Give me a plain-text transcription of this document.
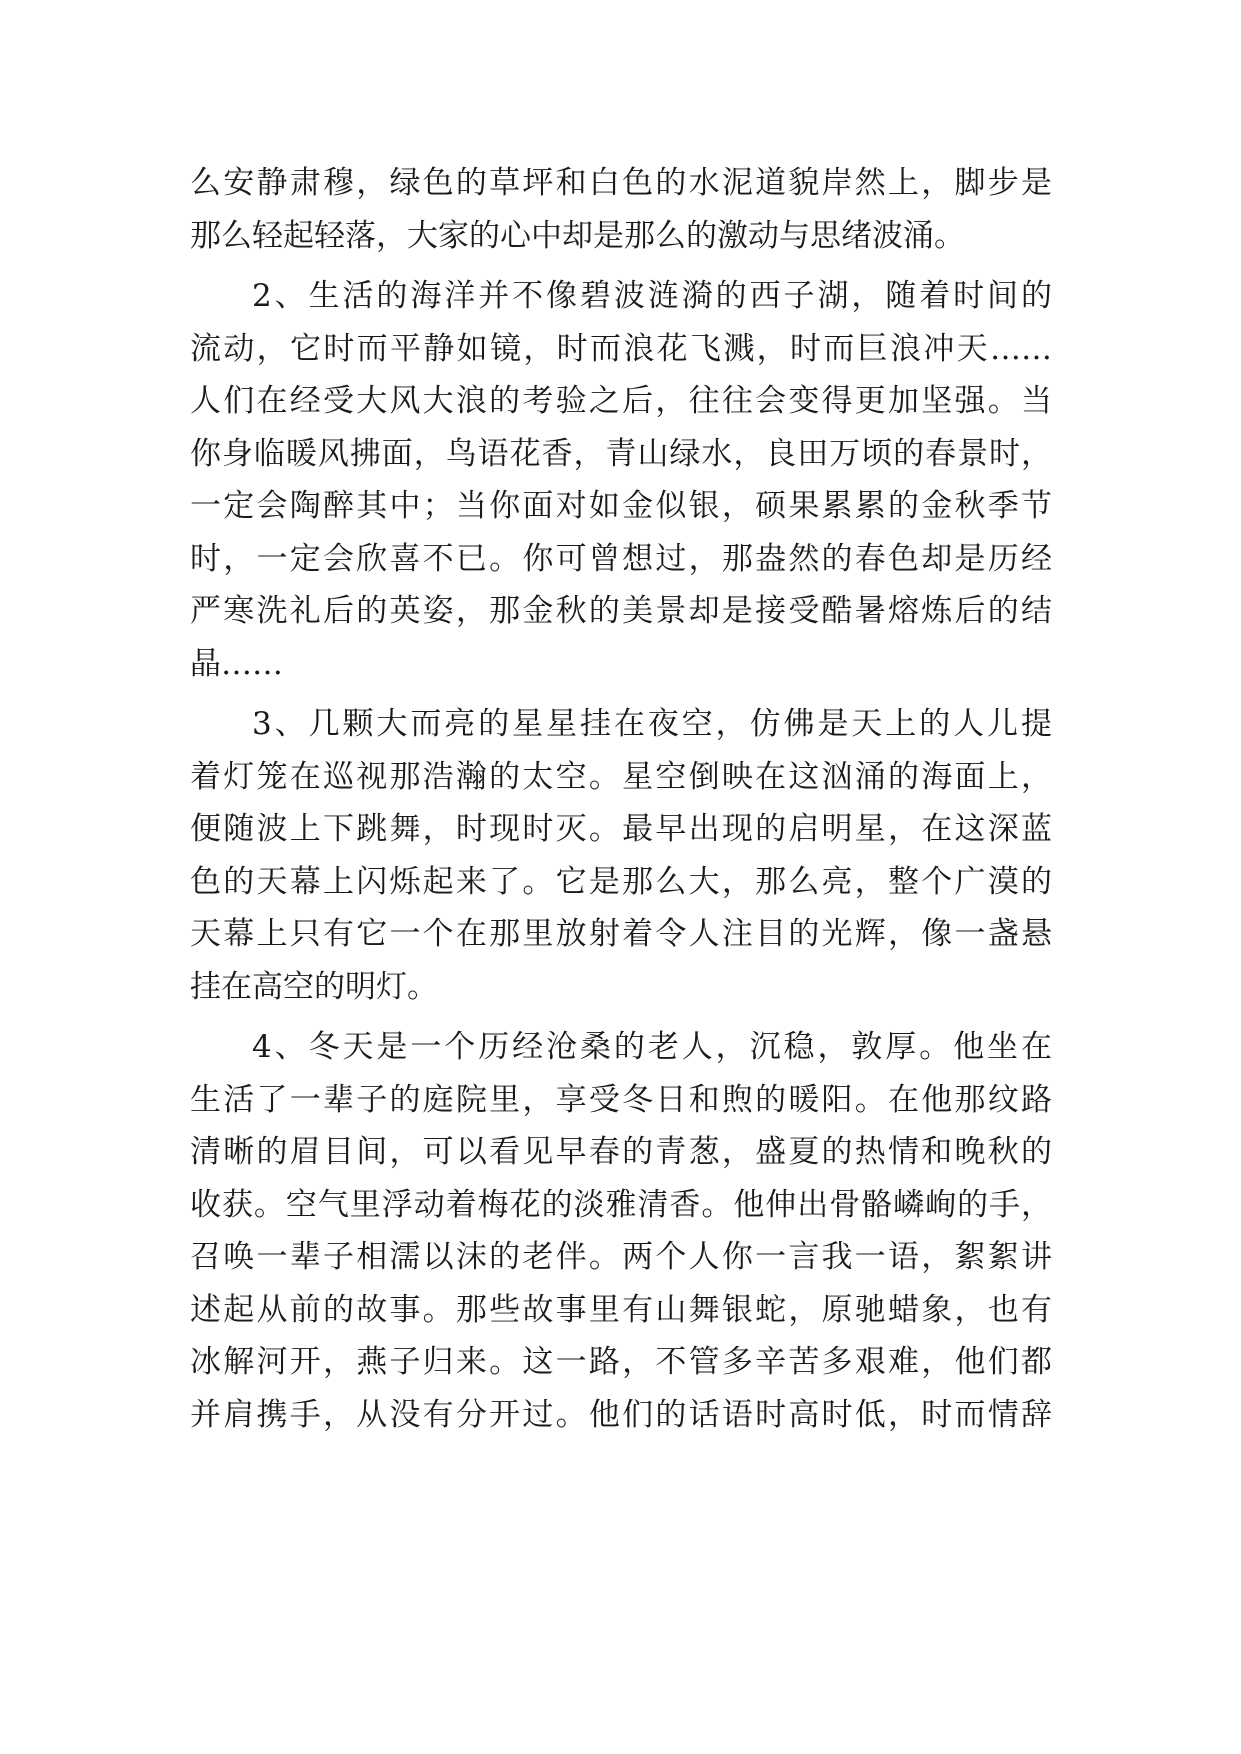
么安静肃穆，绿色的草坪和白色的水泥道貌岸然上，脚步是
那么轻起轻落，大家的心中却是那么的激动与思绪波涌。
2、生活的海洋并不像碧波涟漪的西子湖，随着时间的
流动，它时而平静如镜，时而浪花飞溅，时而巨浪冲天……
人们在经受大风大浪的考验之后，往往会变得更加坚强。当
你身临暖风拂面，鸟语花香，青山绿水，良田万顷的春景时，
一定会陶醉其中；当你面对如金似银，硕果累累的金秋季节
时，一定会欣喜不已。你可曾想过，那盎然的春色却是历经
严寒洗礼后的英姿，那金秋的美景却是接受酷暑熔炼后的结
晶……
3、几颗大而亮的星星挂在夜空，仿佛是天上的人儿提
着灯笼在巡视那浩瀚的太空。星空倒映在这汹涌的海面上，
便随波上下跳舞，时现时灭。最早出现的启明星，在这深蓝
色的天幕上闪烁起来了。它是那么大，那么亮，整个广漠的
天幕上只有它一个在那里放射着令人注目的光辉，像一盏悬
挂在高空的明灯。
4、冬天是一个历经沧桑的老人，沉稳，敦厚。他坐在
生活了一辈子的庭院里，享受冬日和煦的暖阳。在他那纹路
清晰的眉目间，可以看见早春的青葱，盛夏的热情和晚秋的
收获。空气里浮动着梅花的淡雅清香。他伸出骨骼嶙峋的手，
召唤一辈子相濡以沫的老伴。两个人你一言我一语，絮絮讲
述起从前的故事。那些故事里有山舞银蛇，原驰蜡象，也有
冰解河开，燕子归来。这一路，不管多辛苦多艰难，他们都
并肩携手，从没有分开过。他们的话语时高时低，时而情辞
